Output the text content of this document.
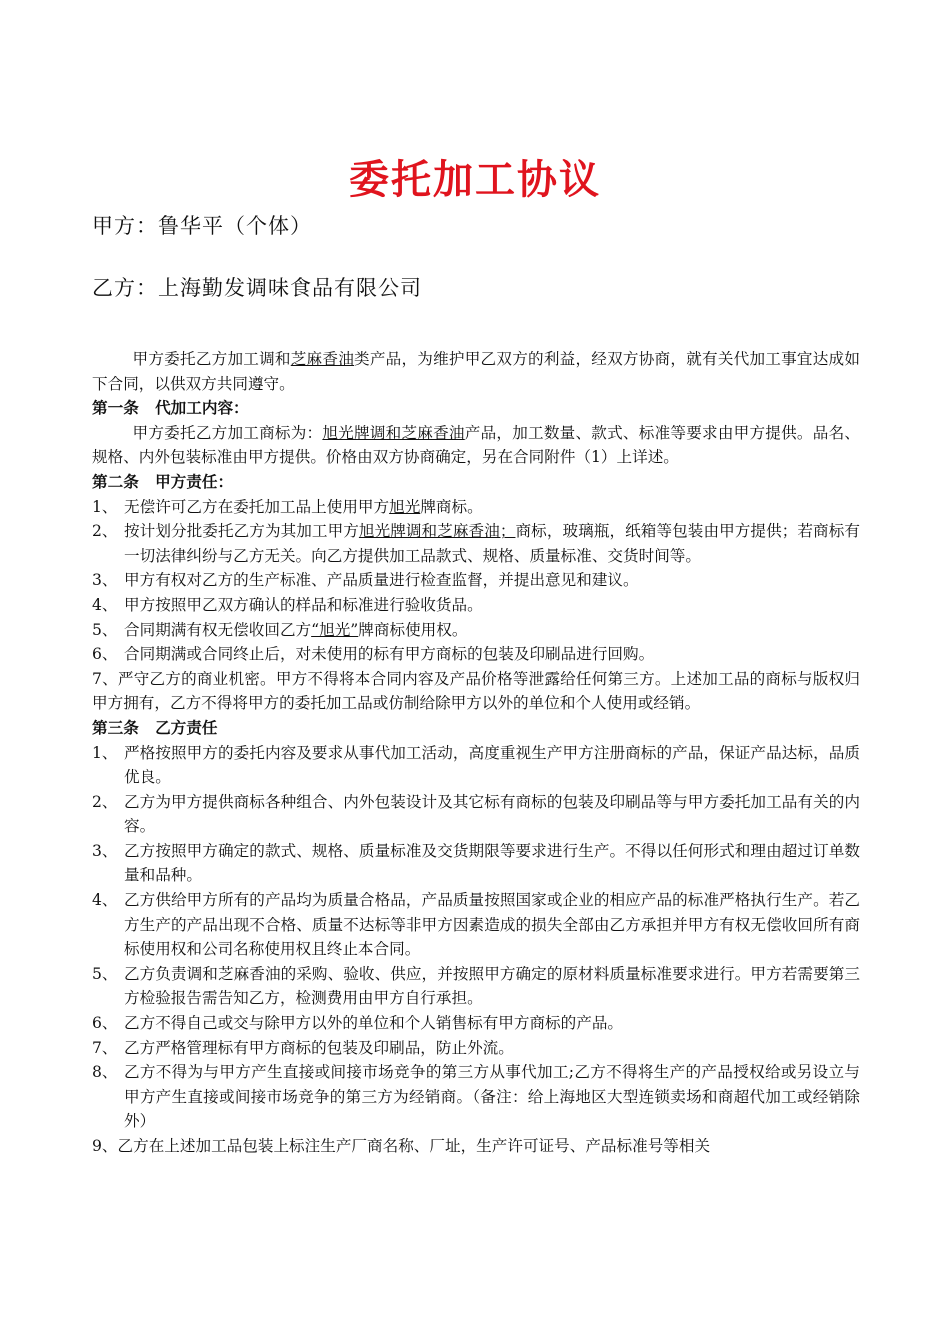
委托加工协议

甲方：鲁华平（个体）

乙方：上海勤发调味食品有限公司

甲方委托乙方加工调和芝麻香油类产品，为维护甲乙双方的利益，经双方协商，就有关代加工事宜达成如下合同，以供双方共同遵守。

第一条   代加工内容：

甲方委托乙方加工商标为：旭光牌调和芝麻香油产品，加工数量、款式、标准等要求由甲方提供。品名、规格、内外包装标准由甲方提供。价格由双方协商确定，另在合同附件（1）上详述。

第二条   甲方责任：

1、 无偿许可乙方在委托加工品上使用甲方旭光牌商标。
2、 按计划分批委托乙方为其加工甲方旭光牌调和芝麻香油；商标，玻璃瓶，纸箱等包装由甲方提供；若商标有一切法律纠纷与乙方无关。向乙方提供加工品款式、规格、质量标准、交货时间等。
3、 甲方有权对乙方的生产标准、产品质量进行检查监督，并提出意见和建议。
4、 甲方按照甲乙双方确认的样品和标准进行验收货品。
5、 合同期满有权无偿收回乙方“旭光”牌商标使用权。
6、 合同期满或合同终止后，对未使用的标有甲方商标的包装及印刷品进行回购。

7、严守乙方的商业机密。甲方不得将本合同内容及产品价格等泄露给任何第三方。上述加工品的商标与版权归甲方拥有，乙方不得将甲方的委托加工品或仿制给除甲方以外的单位和个人使用或经销。

第三条   乙方责任

1、 严格按照甲方的委托内容及要求从事代加工活动，高度重视生产甲方注册商标的产品，保证产品达标，品质优良。
2、 乙方为甲方提供商标各种组合、内外包装设计及其它标有商标的包装及印刷品等与甲方委托加工品有关的内容。
3、 乙方按照甲方确定的款式、规格、质量标准及交货期限等要求进行生产。不得以任何形式和理由超过订单数量和品种。
4、 乙方供给甲方所有的产品均为质量合格品，产品质量按照国家或企业的相应产品的标准严格执行生产。若乙方生产的产品出现不合格、质量不达标等非甲方因素造成的损失全部由乙方承担并甲方有权无偿收回所有商标使用权和公司名称使用权且终止本合同。
5、 乙方负责调和芝麻香油的采购、验收、供应，并按照甲方确定的原材料质量标准要求进行。甲方若需要第三方检验报告需告知乙方，检测费用由甲方自行承担。
6、 乙方不得自己或交与除甲方以外的单位和个人销售标有甲方商标的产品。
7、 乙方严格管理标有甲方商标的包装及印刷品，防止外流。
8、 乙方不得为与甲方产生直接或间接市场竞争的第三方从事代加工;乙方不得将生产的产品授权给或另设立与甲方产生直接或间接市场竞争的第三方为经销商。（备注：给上海地区大型连锁卖场和商超代加工或经销除外）

9、乙方在上述加工品包装上标注生产厂商名称、厂址，生产许可证号、产品标准号等相关
